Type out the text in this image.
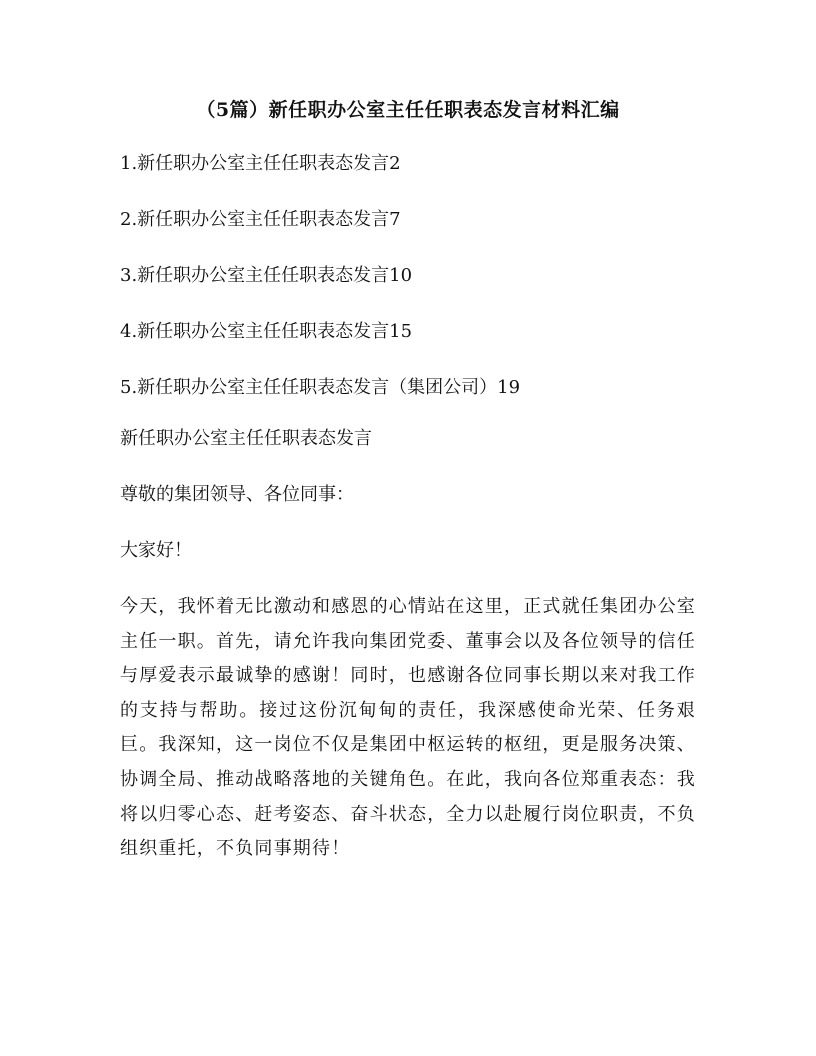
（5篇）新任职办公室主任任职表态发言材料汇编
1.新任职办公室主任任职表态发言2
2.新任职办公室主任任职表态发言7
3.新任职办公室主任任职表态发言10
4.新任职办公室主任任职表态发言15
5.新任职办公室主任任职表态发言（集团公司）19

新任职办公室主任任职表态发言

尊敬的集团领导、各位同事：

大家好！

今天，我怀着无比激动和感恩的心情站在这里，正式就任集团办公室主任一职。首先，请允许我向集团党委、董事会以及各位领导的信任与厚爱表示最诚挚的感谢！同时，也感谢各位同事长期以来对我工作的支持与帮助。接过这份沉甸甸的责任，我深感使命光荣、任务艰巨。我深知，这一岗位不仅是集团中枢运转的枢纽，更是服务决策、协调全局、推动战略落地的关键角色。在此，我向各位郑重表态：我将以归零心态、赶考姿态、奋斗状态，全力以赴履行岗位职责，不负组织重托，不负同事期待！
